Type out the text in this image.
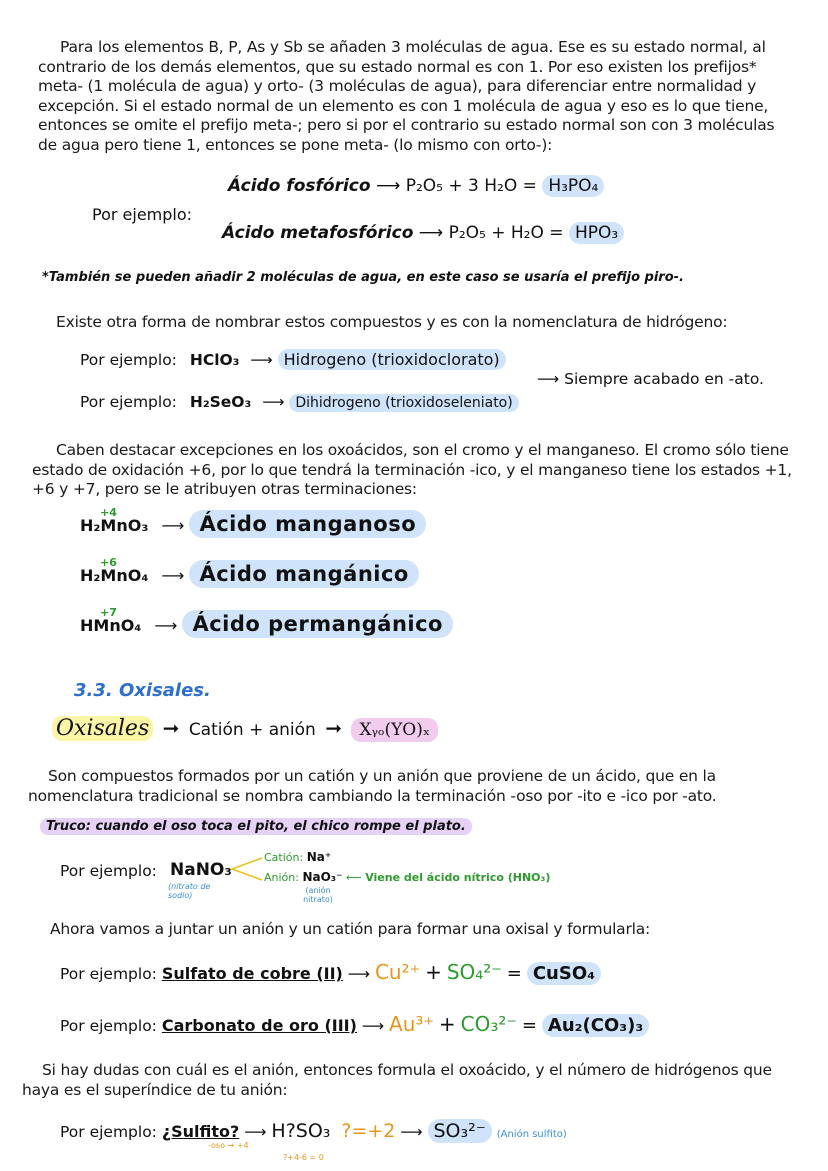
Para los elementos B, P, As y Sb se añaden 3 moléculas de agua. Ese es su estado normal, al contrario de los demás elementos, que su estado normal es con 1. Por eso existen los prefijos* meta- (1 molécula de agua) y orto- (3 moléculas de agua), para diferenciar entre normalidad y excepción. Si el estado normal de un elemento es con 1 molécula de agua y eso es lo que tiene, entonces se omite el prefijo meta-; pero si por el contrario su estado normal son con 3 moléculas de agua pero tiene 1, entonces se pone meta- (lo mismo con orto-):
Por ejemplo:
Ácido fosfórico ⟶ P₂O₅ + 3 H₂O = H₃PO₄
Ácido metafosfórico ⟶ P₂O₅ + H₂O = HPO₃
*También se pueden añadir 2 moléculas de agua, en este caso se usaría el prefijo piro-.
Existe otra forma de nombrar estos compuestos y es con la nomenclatura de hidrógeno:
Por ejemplo: HClO₃ ⟶ Hidrogeno (trioxidoclorato)
Por ejemplo: H₂SeO₃ ⟶ Dihidrogeno (trioxidoseleniato)
⟶ Siempre acabado en -ato.
Caben destacar excepciones en los oxoácidos, son el cromo y el manganeso. El cromo sólo tiene estado de oxidación +6, por lo que tendrá la terminación -ico, y el manganeso tiene los estados +1, +6 y +7, pero se le atribuyen otras terminaciones:
+4
H₂MnO₃ ⟶ Ácido manganoso
+6
H₂MnO₄ ⟶ Ácido mangánico
+7
HMnO₄ ⟶ Ácido permangánico
3.3. Oxisales.
Oxisales ➞ Catión + anión ➞ Xᵧₒ(YO)ₓ
Son compuestos formados por un catión y un anión que proviene de un ácido, que en la nomenclatura tradicional se nombra cambiando la terminación -oso por -ito e -ico por -ato.
Truco: cuando el oso toca el pito, el chico rompe el plato.
Por ejemplo: NaNO₃
(nitrato de sodio)
Catión: Na⁺
Anión: NaO₃⁻ ⟵ Viene del ácido nítrico (HNO₃)
(anión nitrato)
Ahora vamos a juntar un anión y un catión para formar una oxisal y formularla:
Por ejemplo: Sulfato de cobre (II) ⟶ Cu²⁺ + SO₄²⁻ = CuSO₄
Por ejemplo: Carbonato de oro (III) ⟶ Au³⁺ + CO₃²⁻ = Au₂(CO₃)₃
Si hay dudas con cuál es el anión, entonces formula el oxoácido, y el número de hidrógenos que haya es el superíndice de tu anión:
Por ejemplo: ¿Sulfito? ⟶ H?SO₃ ?=+2 ⟶ SO₃²⁻ (Anión sulfito)
-oso → +4
?+4-6 = 0
